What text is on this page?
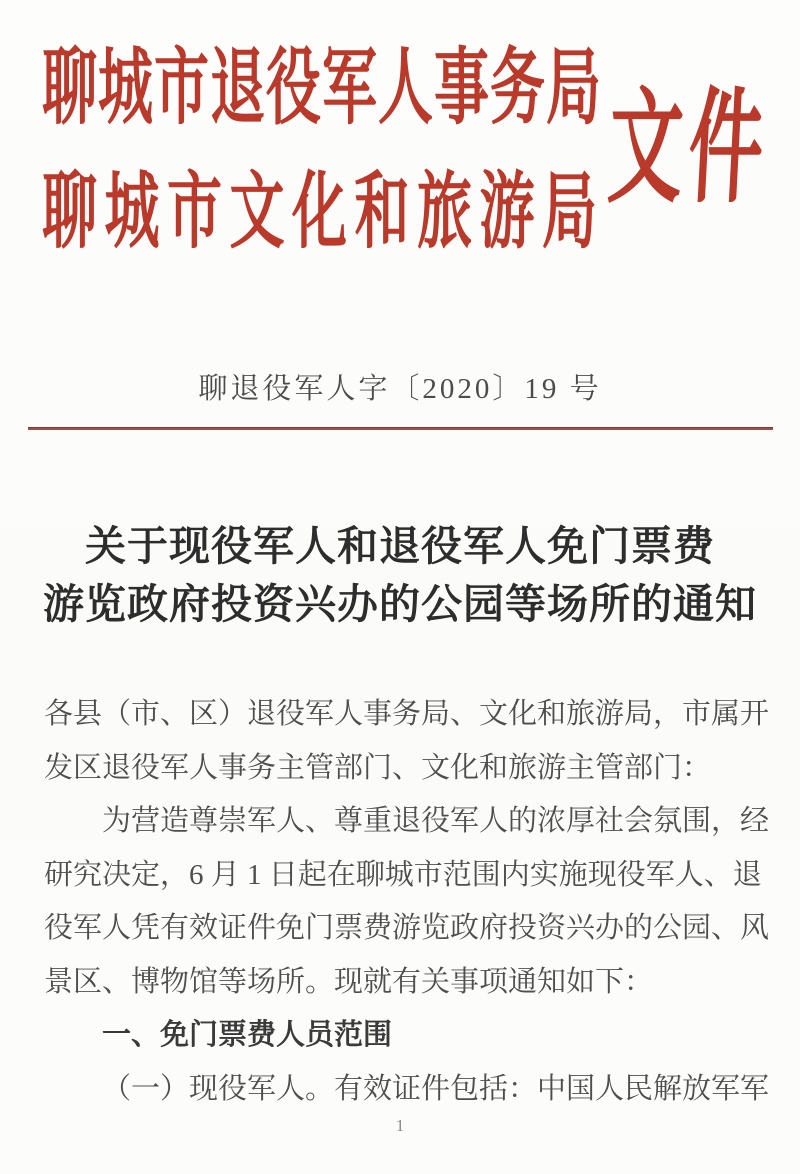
聊城市退役军人事务局
聊城市文化和旅游局 文件
聊退役军人字〔2020〕19 号
关于现役军人和退役军人免门票费
游览政府投资兴办的公园等场所的通知
各县（市、区）退役军人事务局、文化和旅游局，市属开
发区退役军人事务主管部门、文化和旅游主管部门：
为营造尊崇军人、尊重退役军人的浓厚社会氛围，经
研究决定，6 月 1 日起在聊城市范围内实施现役军人、退
役军人凭有效证件免门票费游览政府投资兴办的公园、风
景区、博物馆等场所。现就有关事项通知如下：
一、免门票费人员范围
（一）现役军人。有效证件包括：中国人民解放军军
1
